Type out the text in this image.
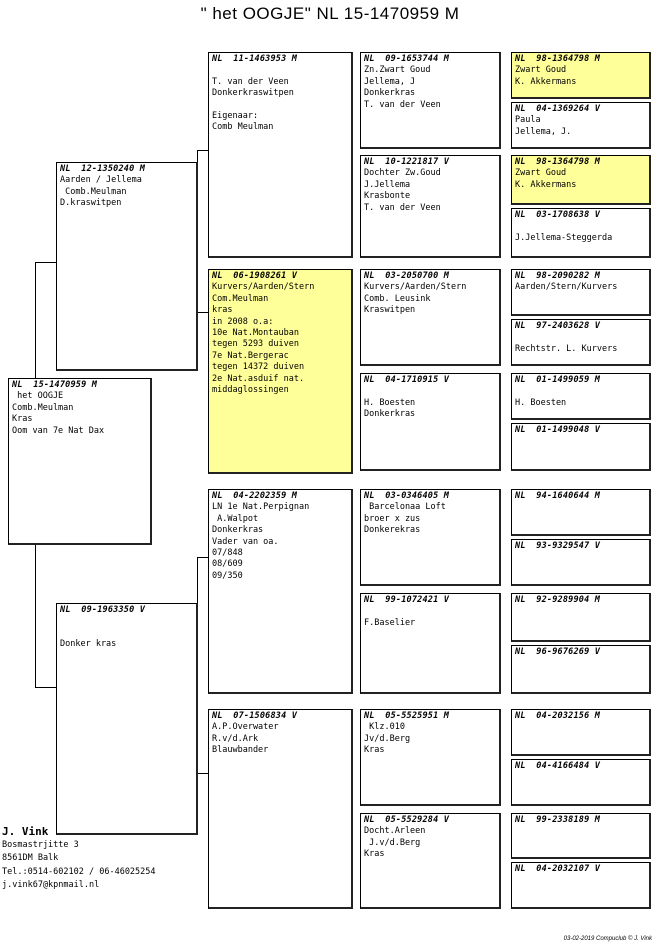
" het OOGJE" NL 15-1470959 M
NL  15-1470959 M
het OOGJE
Comb.Meulman
Kras
Oom van 7e Nat Dax
NL  12-1350240 M
Aarden / Jellema
Comb.Meulman
D.kraswitpen
NL  09-1963350 V

Donker kras
NL  11-1463953 M

T. van der Veen
Donkerkraswitpen

Eigenaar:
Comb Meulman
NL  06-1908261 V
Kurvers/Aarden/Stern
Com.Meulman
kras
in 2008 o.a:
10e Nat.Montauban
tegen 5293 duiven
7e Nat.Bergerac
tegen 14372 duiven
2e Nat.asduif nat.
middaglossingen
NL  04-2202359 M
LN 1e Nat.Perpignan
A.Walpot
Donkerkras
Vader van oa.
07/848
08/609
09/350
NL  07-1506834 V
A.P.Overwater
R.v/d.Ark
Blauwbander
NL  09-1653744 M
Zn.Zwart Goud
Jellema, J
Donkerkras
T. van der Veen
NL  10-1221817 V
Dochter Zw.Goud
J.Jellema
Krasbonte
T. van der Veen
NL  03-2050700 M
Kurvers/Aarden/Stern
Comb. Leusink
Kraswitpen
NL  04-1710915 V

H. Boesten
Donkerkras
NL  03-0346405 M
Barcelonaa Loft
broer x zus
Donkerekras
NL  99-1072421 V

F.Baselier
NL  05-5525951 M
Klz.010
Jv/d.Berg
Kras
NL  05-5529284 V
Docht.Arleen
J.v/d.Berg
Kras
NL  98-1364798 M
Zwart Goud
K. Akkermans
NL  04-1369264 V
Paula
Jellema, J.
NL  98-1364798 M
Zwart Goud
K. Akkermans
NL  03-1708638 V

J.Jellema-Steggerda
NL  98-2090282 M
Aarden/Stern/Kurvers
NL  97-2403628 V

Rechtstr. L. Kurvers
NL  01-1499059 M

H. Boesten
NL  01-1499048 V
NL  94-1640644 M
NL  93-9329547 V
NL  92-9289904 M
NL  96-9676269 V
NL  04-2032156 M
NL  04-4166484 V
NL  99-2338189 M
NL  04-2032107 V
J. Vink
Bosmastrjitte 3
8561DM Balk
Tel.:0514-602102 / 06-46025254
j.vink67@kpnmail.nl
03-02-2019 Compuclub © J. Vink
